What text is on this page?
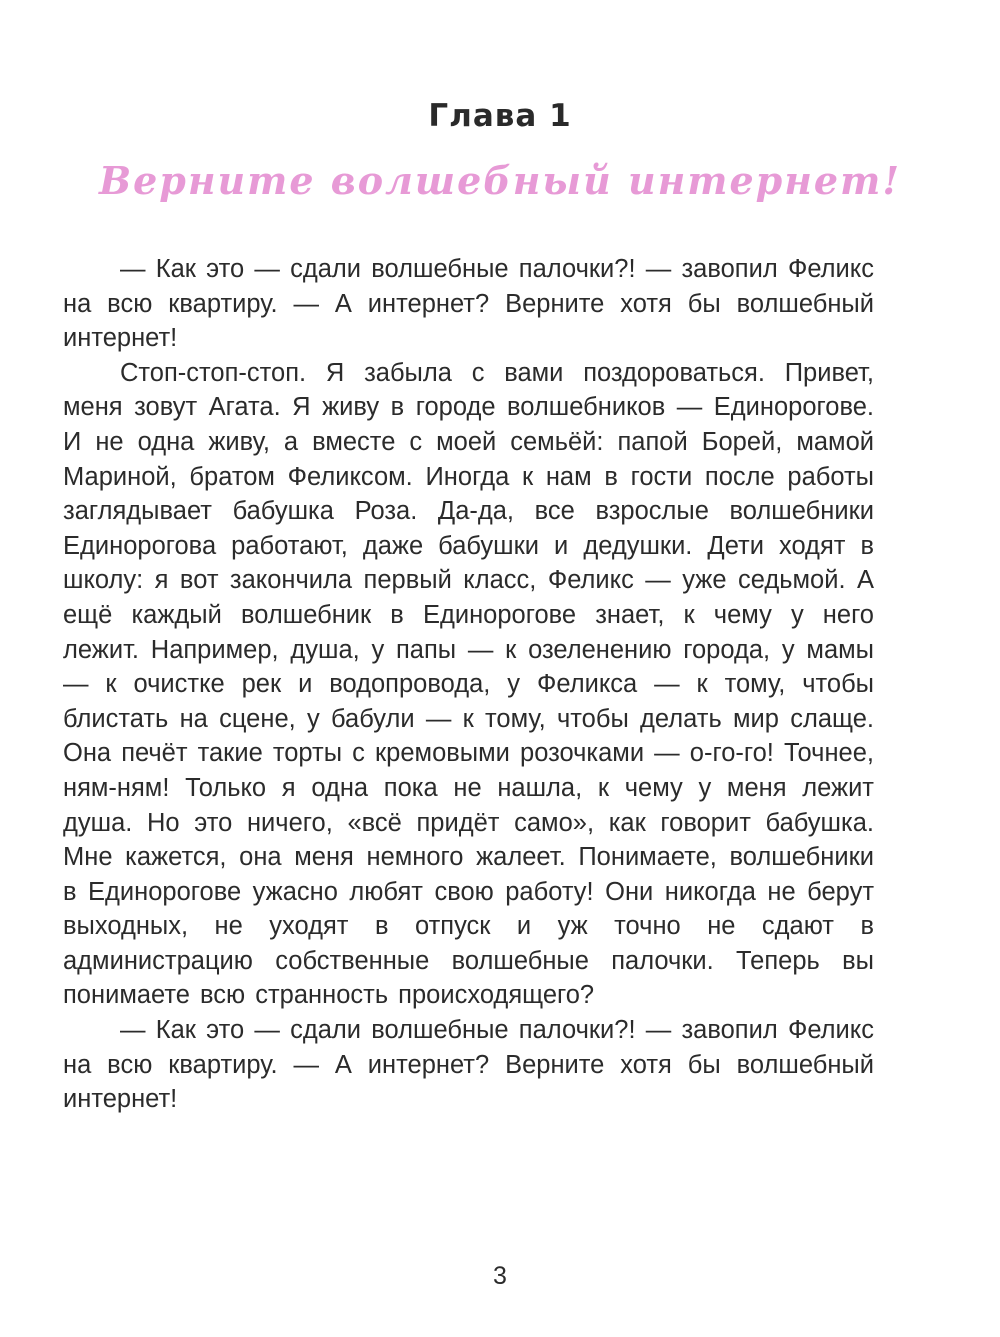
Глава 1
Верните волшебный интернет!

— Как это — сдали волшебные палочки?! — завопил Феликс на всю квартиру. — А интернет? Верните хотя бы волшебный интернет!

Стоп-стоп-стоп. Я забыла с вами поздороваться. Привет, меня зовут Агата. Я живу в городе волшебников — Единорогове. И не одна живу, а вместе с моей семьёй: папой Борей, мамой Мариной, братом Феликсом. Иногда к нам в гости после работы заглядывает бабушка Роза. Да-да, все взрослые волшебники Единорогова работают, даже бабушки и дедушки. Дети ходят в школу: я вот закончила первый класс, Феликс — уже седьмой. А ещё каждый волшебник в Единорогове знает, к чему у него лежит. Например, душа, у папы — к озеленению города, у мамы — к очистке рек и водопровода, у Феликса — к тому, чтобы блистать на сцене, у бабули — к тому, чтобы делать мир слаще. Она печёт такие торты с кремовыми розочками — о-го-го! Точнее, ням-ням! Только я одна пока не нашла, к чему у меня лежит душа. Но это ничего, «всё придёт само», как говорит бабушка. Мне кажется, она меня немного жалеет. Понимаете, волшебники в Единорогове ужасно любят свою работу! Они никогда не берут выходных, не уходят в отпуск и уж точно не сдают в администрацию собственные волшебные палочки. Теперь вы понимаете всю странность происходящего?

— Как это — сдали волшебные палочки?! — завопил Феликс на всю квартиру. — А интернет? Верните хотя бы волшебный интернет!

3
